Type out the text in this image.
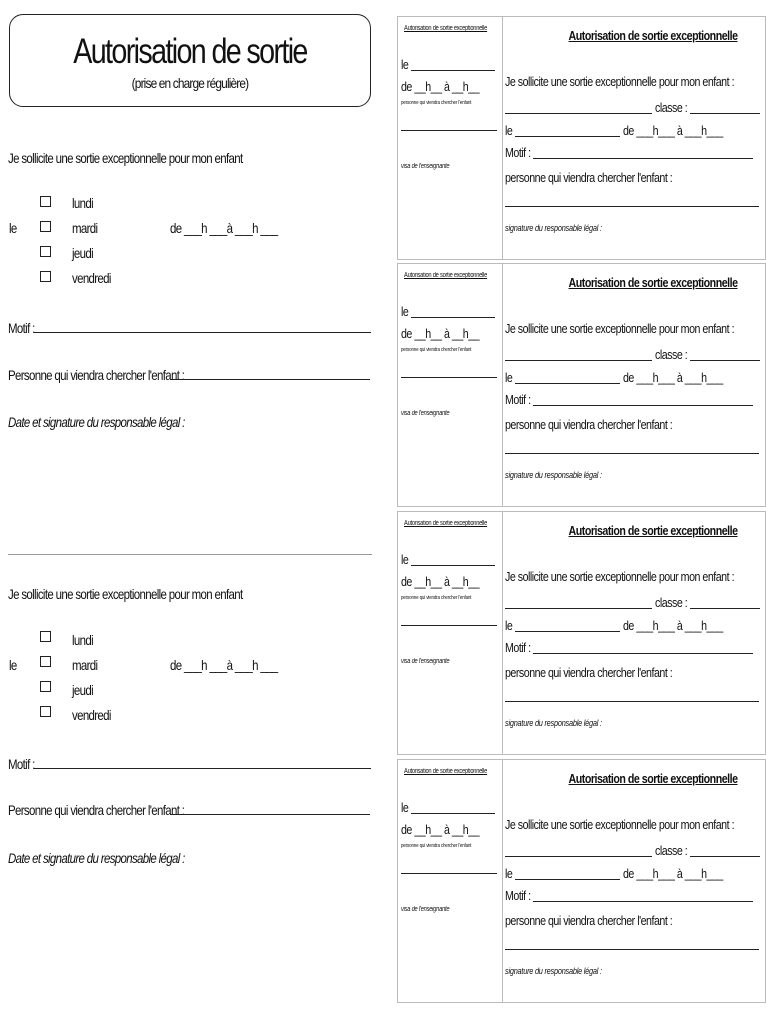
Autorisation de sortie
(prise en charge régulière)
Je sollicite une sortie exceptionnelle pour mon enfant
lundi
le	mardi	de ___h ___à ___h ___
jeudi
vendredi
Motif :
Personne qui viendra chercher l'enfant :
Date et signature du responsable légal :
Je sollicite une sortie exceptionnelle pour mon enfant
lundi
le	mardi	de ___h ___à ___h ___
jeudi
vendredi
Motif :
Personne qui viendra chercher l'enfant :
Date et signature du responsable légal :
Autorisation de sortie exceptionnelle
le
de __h__ à __h__
personne qui viendra chercher l'enfant
visa de l'enseignante
Autorisation de sortie exceptionnelle
Je sollicite une sortie exceptionnelle pour mon enfant :
classe :
le	de ___h___ à ___h___
Motif :
personne qui viendra chercher l'enfant :
signature du responsable légal :
Autorisation de sortie exceptionnelle
le
de __h__ à __h__
personne qui viendra chercher l'enfant
visa de l'enseignante
Autorisation de sortie exceptionnelle
Je sollicite une sortie exceptionnelle pour mon enfant :
classe :
le	de ___h___ à ___h___
Motif :
personne qui viendra chercher l'enfant :
signature du responsable légal :
Autorisation de sortie exceptionnelle
le
de __h__ à __h__
personne qui viendra chercher l'enfant
visa de l'enseignante
Autorisation de sortie exceptionnelle
Je sollicite une sortie exceptionnelle pour mon enfant :
classe :
le	de ___h___ à ___h___
Motif :
personne qui viendra chercher l'enfant :
signature du responsable légal :
Autorisation de sortie exceptionnelle
le
de __h__ à __h__
personne qui viendra chercher l'enfant
visa de l'enseignante
Autorisation de sortie exceptionnelle
Je sollicite une sortie exceptionnelle pour mon enfant :
classe :
le	de ___h___ à ___h___
Motif :
personne qui viendra chercher l'enfant :
signature du responsable légal :
